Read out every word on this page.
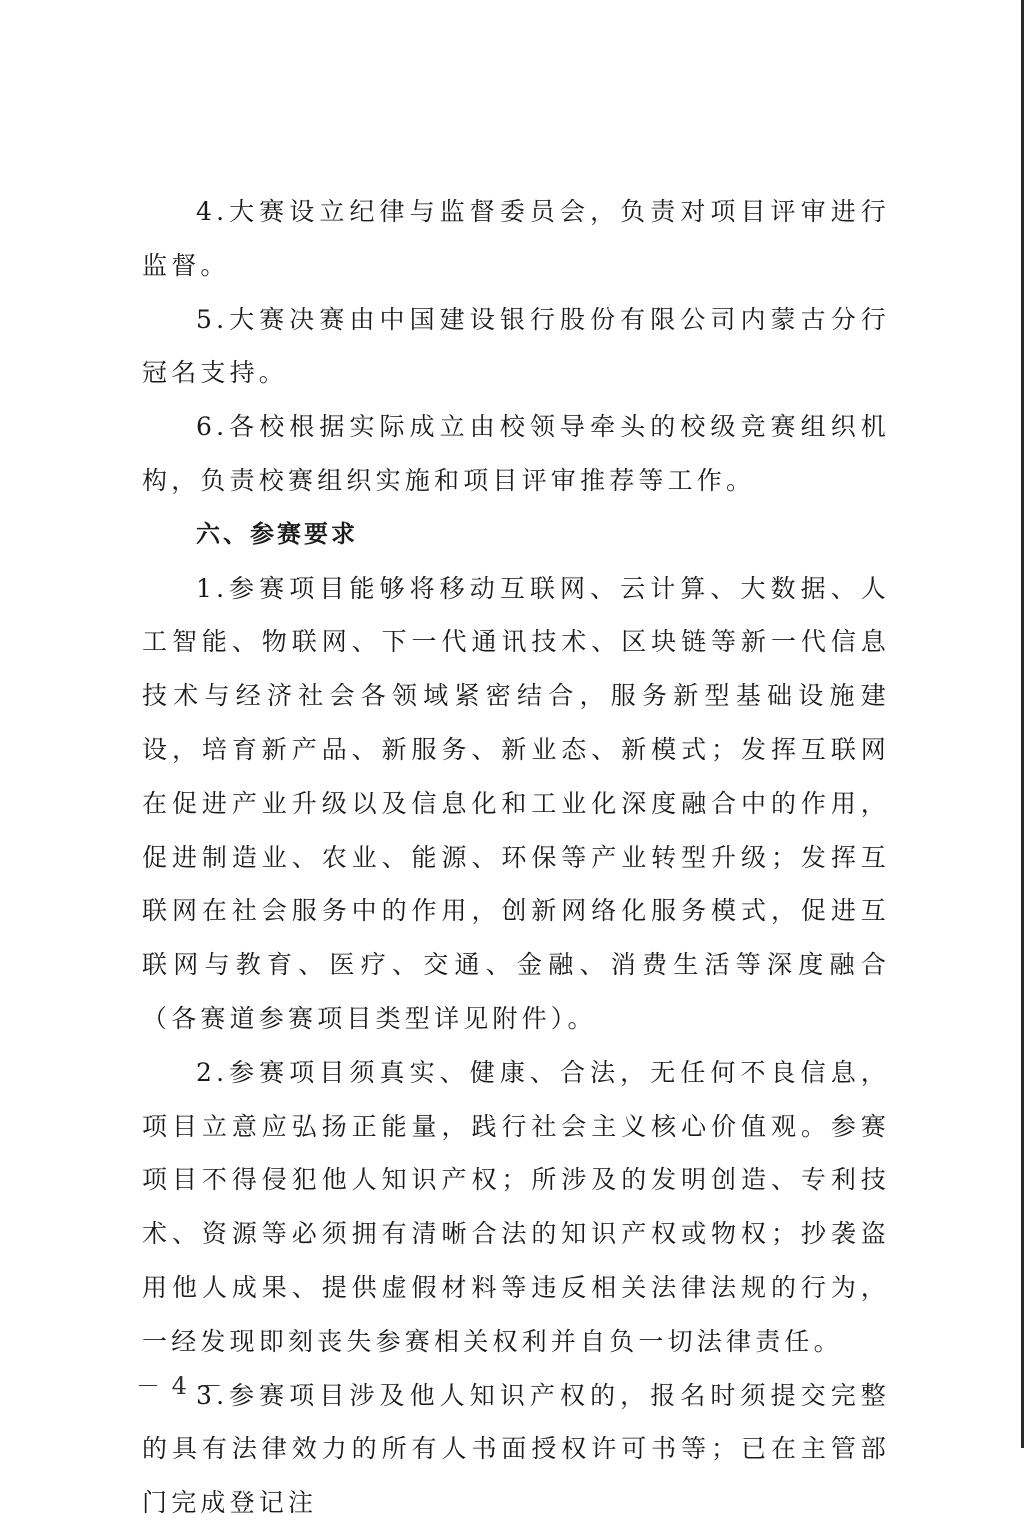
4.大赛设立纪律与监督委员会，负责对项目评审进行监督。

5.大赛决赛由中国建设银行股份有限公司内蒙古分行冠名支持。

6.各校根据实际成立由校领导牵头的校级竞赛组织机构，负责校赛组织实施和项目评审推荐等工作。

六、参赛要求

1.参赛项目能够将移动互联网、云计算、大数据、人工智能、物联网、下一代通讯技术、区块链等新一代信息技术与经济社会各领域紧密结合，服务新型基础设施建设，培育新产品、新服务、新业态、新模式；发挥互联网在促进产业升级以及信息化和工业化深度融合中的作用，促进制造业、农业、能源、环保等产业转型升级；发挥互联网在社会服务中的作用，创新网络化服务模式，促进互联网与教育、医疗、交通、金融、消费生活等深度融合（各赛道参赛项目类型详见附件）。

2.参赛项目须真实、健康、合法，无任何不良信息，项目立意应弘扬正能量，践行社会主义核心价值观。参赛项目不得侵犯他人知识产权；所涉及的发明创造、专利技术、资源等必须拥有清晰合法的知识产权或物权；抄袭盗用他人成果、提供虚假材料等违反相关法律法规的行为，一经发现即刻丧失参赛相关权利并自负一切法律责任。

3.参赛项目涉及他人知识产权的，报名时须提交完整的具有法律效力的所有人书面授权许可书等；已在主管部门完成登记注

－ 4 －
